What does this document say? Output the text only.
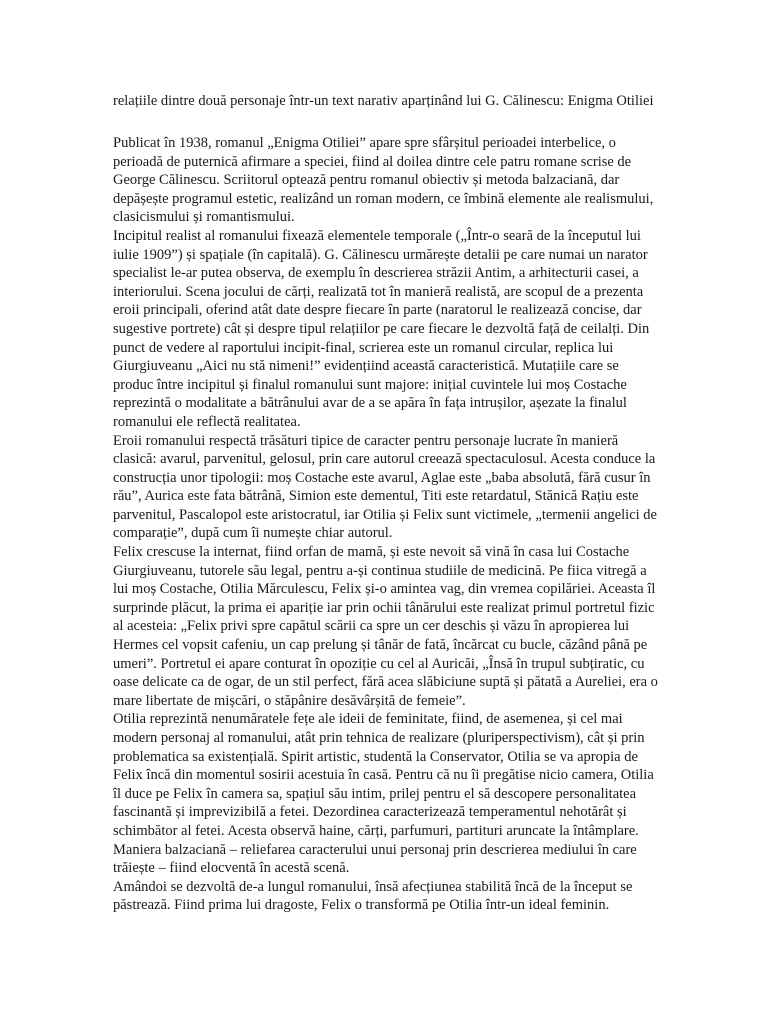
relațiile dintre două personaje într-un text narativ aparținând lui G. Călinescu: Enigma Otiliei

Publicat în 1938, romanul „Enigma Otiliei” apare spre sfârșitul perioadei interbelice, o perioadă de puternică afirmare a speciei, fiind al doilea dintre cele patru romane scrise de George Călinescu. Scriitorul optează pentru romanul obiectiv și metoda balzaciană, dar depășește programul estetic, realizând un roman modern, ce îmbină elemente ale realismului, clasicismului și romantismului.

Incipitul realist al romanului fixează elementele temporale („Într-o seară de la începutul lui iulie 1909”) și spațiale (în capitală). G. Călinescu urmărește detalii pe care numai un narator specialist le-ar putea observa, de exemplu în descrierea străzii Antim, a arhitecturii casei, a interiorului. Scena jocului de cărți, realizată tot în manieră realistă, are scopul de a prezenta eroii principali, oferind atât date despre fiecare în parte (naratorul le realizează concise, dar sugestive portrete) cât și despre tipul relațiilor pe care fiecare le dezvoltă față de ceilalți. Din punct de vedere al raportului incipit-final, scrierea este un romanul circular, replica lui Giurgiuveanu „Aici nu stă nimeni!” evidențiind această caracteristică. Mutațiile care se produc între incipitul și finalul romanului sunt majore: inițial cuvintele lui moș Costache reprezintă o modalitate a bătrânului avar de a se apăra în fața intrușilor, așezate la finalul romanului ele reflectă realitatea.

Eroii romanului respectă trăsături tipice de caracter pentru personaje lucrate în manieră clasică: avarul, parvenitul, gelosul, prin care autorul creează spectaculosul. Acesta conduce la construcția unor tipologii: moș Costache este avarul, Aglae este „baba absolută, fără cusur în rău”, Aurica este fata bătrână, Simion este dementul, Titi este retardatul, Stănică Rațiu este parvenitul, Pascalopol este aristocratul, iar Otilia și Felix sunt victimele, „termenii angelici de comparație”, după cum îi numește chiar autorul.

Felix crescuse la internat, fiind orfan de mamă, și este nevoit să vină în casa lui Costache Giurgiuveanu, tutorele său legal, pentru a-și continua studiile de medicină. Pe fiica vitregă a lui moș Costache, Otilia Mărculescu, Felix și-o amintea vag, din vremea copilăriei. Aceasta îl surprinde plăcut, la prima ei apariție iar prin ochii tânărului este realizat primul portretul fizic al acesteia: „Felix privi spre capătul scării ca spre un cer deschis și văzu în apropierea lui Hermes cel vopsit cafeniu, un cap prelung și tânăr de fată, încărcat cu bucle, căzând până pe umeri”. Portretul ei apare conturat în opoziție cu cel al Auricăi, „Însă în trupul subțiratic, cu oase delicate ca de ogar, de un stil perfect, fără acea slăbiciune suptă și pătată a Aureliei, era o mare libertate de mișcări, o stăpânire desăvârșită de femeie”.

Otilia reprezintă nenumăratele fețe ale ideii de feminitate, fiind, de asemenea, și cel mai modern personaj al romanului, atât prin tehnica de realizare (pluriperspectivism), cât și prin problematica sa existențială. Spirit artistic, studentă la Conservator, Otilia se va apropia de Felix încă din momentul sosirii acestuia în casă. Pentru că nu îi pregătise nicio camera, Otilia îl duce pe Felix în camera sa, spațiul său intim, prilej pentru el să descopere personalitatea fascinantă și imprevizibilă a fetei. Dezordinea caracterizează temperamentul nehotărât și schimbător al fetei. Acesta observă haine, cărți, parfumuri, partituri aruncate la întâmplare. Maniera balzaciană – reliefarea caracterului unui personaj prin descrierea mediului în care trăiește – fiind elocventă în acestă scenă.

Amândoi se dezvoltă de-a lungul romanului, însă afecțiunea stabilită încă de la început se păstrează. Fiind prima lui dragoste, Felix o transformă pe Otilia într-un ideal feminin.
